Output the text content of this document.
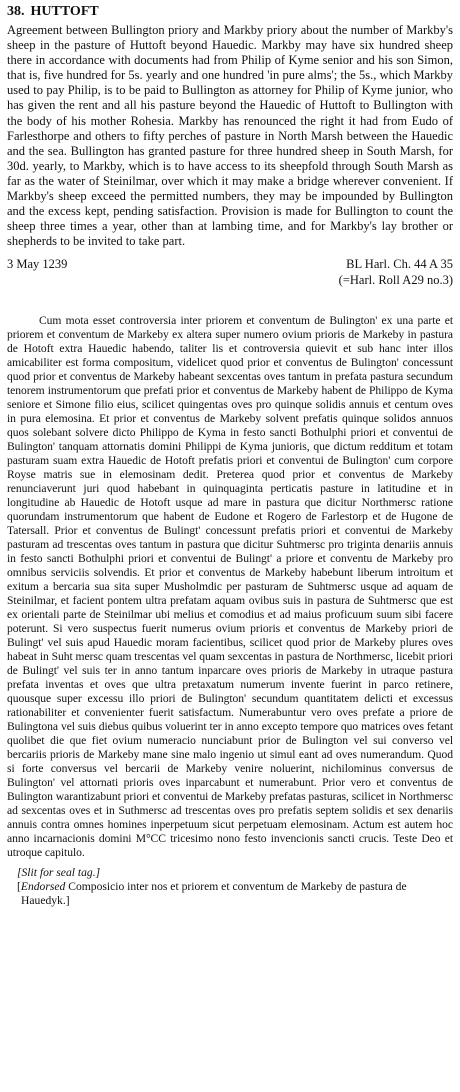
38. HUTTOFT

Agreement between Bullington priory and Markby priory about the number of Markby's sheep in the pasture of Huttoft beyond Hauedic. Markby may have six hundred sheep there in accordance with documents had from Philip of Kyme senior and his son Simon, that is, five hundred for 5s. yearly and one hundred 'in pure alms'; the 5s., which Markby used to pay Philip, is to be paid to Bullington as attorney for Philip of Kyme junior, who has given the rent and all his pasture beyond the Hauedic of Huttoft to Bullington with the body of his mother Rohesia. Markby has renounced the right it had from Eudo of Farlesthorpe and others to fifty perches of pasture in North Marsh between the Hauedic and the sea. Bullington has granted pasture for three hundred sheep in South Marsh, for 30d. yearly, to Markby, which is to have access to its sheepfold through South Marsh as far as the water of Steinilmar, over which it may make a bridge wherever convenient. If Markby's sheep exceed the permitted numbers, they may be impounded by Bullington and the excess kept, pending satisfaction. Provision is made for Bullington to count the sheep three times a year, other than at lambing time, and for Markby's lay brother or shepherds to be invited to take part.

3 May 1239	BL Harl. Ch. 44 A 35
(=Harl. Roll A29 no.3)

Cum mota esset controversia inter priorem et conventum de Bulington' ex una parte et priorem et conventum de Markeby ex altera super numero ovium prioris de Markeby in pastura de Hotoft extra Hauedic habendo, taliter lis et controversia quievit et sub hanc inter illos amicabiliter est forma compositum, videlicet quod prior et conventus de Bulington' concessunt quod prior et conventus de Markeby habeant sexcentas oves tantum in prefata pastura secundum tenorem instrumentorum que prefati prior et conventus de Markeby habent de Philippo de Kyma seniore et Simone filio eius, scilicet quingentas oves pro quinque solidis annuis et centum oves in pura elemosina. Et prior et conventus de Markeby solvent prefatis quinque solidos annuos quos solebant solvere dicto Philippo de Kyma in festo sancti Bothulphi priori et conventui de Bulington' tanquam attornatis domini Philippi de Kyma junioris, que dictum redditum et totam pasturam suam extra Hauedic de Hotoft prefatis priori et conventui de Bulington' cum corpore Royse matris sue in elemosinam dedit. Preterea quod prior et conventus de Markeby renunciaverunt juri quod habebant in quinquaginta perticatis pasture in latitudine et in longitudine ab Hauedic de Hotoft usque ad mare in pastura que dicitur Northmersc ratione quorundam instrumentorum que habent de Eudone et Rogero de Farlestorp et de Hugone de Tatersall. Prior et conventus de Bulingt' concessunt prefatis priori et conventui de Markeby pasturam ad trescentas oves tantum in pastura que dicitur Suhtmersc pro triginta denariis annuis in festo sancti Bothulphi priori et conventui de Bulingt' a priore et conventu de Markeby pro omnibus serviciis solvendis. Et prior et conventus de Markeby habebunt liberum introitum et exitum a bercaria sua sita super Musholmdic per pasturam de Suhtmersc usque ad aquam de Steinilmar, et facient pontem ultra prefatam aquam ovibus suis in pastura de Suhtmersc que est ex orientali parte de Steinilmar ubi melius et comodius et ad maius proficuum suum sibi facere poterunt. Si vero suspectus fuerit numerus ovium prioris et conventus de Markeby priori de Bulingt' vel suis apud Hauedic moram facientibus, scilicet quod prior de Markeby plures oves habeat in Suht mersc quam trescentas vel quam sexcentas in pastura de Northmersc, licebit priori de Bulingt' vel suis ter in anno tantum inparcare oves prioris de Markeby in utraque pastura prefata inventas et oves que ultra pretaxatum numerum invente fuerint in parco retinere, quousque super excessu illo priori de Bulington' secundum quantitatem delicti et excessus rationabiliter et convenienter fuerit satisfactum. Numerabuntur vero oves prefate a priore de Bulingtona vel suis diebus quibus voluerint ter in anno excepto tempore quo matrices oves fetant quolibet die que fiet ovium numeracio nunciabunt prior de Bulington vel sui converso vel bercariis prioris de Markeby mane sine malo ingenio ut simul eant ad oves numerandum. Quod si forte conversus vel bercarii de Markeby venire noluerint, nichilominus conversus de Bulington' vel attornati prioris oves inparcabunt et numerabunt. Prior vero et conventus de Bulington warantizabunt priori et conventui de Markeby prefatas pasturas, scilicet in Northmersc ad sexcentas oves et in Suthmersc ad trescentas oves pro prefatis septem solidis et sex denariis annuis contra omnes homines inperpetuum sicut perpetuam elemosinam. Actum est autem hoc anno incarnacionis domini M°CC tricesimo nono festo invencionis sancti crucis. Teste Deo et utroque capitulo.

[Slit for seal tag.]

[Endorsed Composicio inter nos et priorem et conventum de Markeby de pastura de Hauedyk.]
